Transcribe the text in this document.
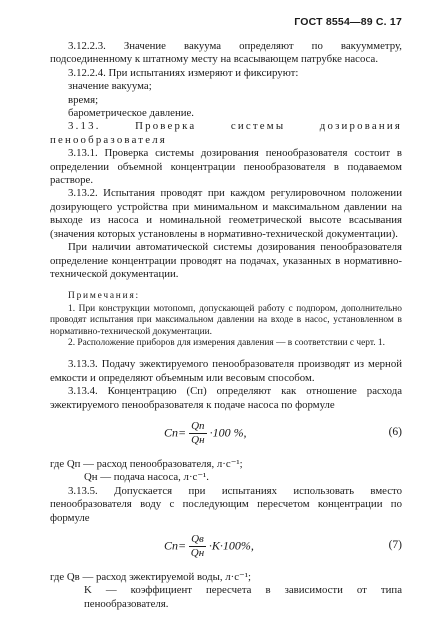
ГОСТ 8554—89 С. 17

3.12.2.3. Значение вакуума определяют по вакуумметру, подсоединенному к штатному месту на всасывающем патрубке насоса.

3.12.2.4. При испытаниях измеряют и фиксируют:

значение вакуума;

время;

барометрическое давление.

3.13. Проверка системы дозирования пенообразователя

3.13.1. Проверка системы дозирования пенообразователя состоит в определении объемной концентрации пенообразователя в подаваемом растворе.

3.13.2. Испытания проводят при каждом регулировочном положении дозирующего устройства при минимальном и максимальном давлении на выходе из насоса и номинальной геометрической высоте всасывания (значения которых установлены в нормативно-технической документации).

При наличии автоматической системы дозирования пенообразователя определение концентрации проводят на подачах, указанных в нормативно-технической документации.

Примечания:

1. При конструкции мотопомп, допускающей работу с подпором, дополнительно проводят испытания при максимальном давлении на входе в насос, установленном в нормативно-технической документации.

2. Расположение приборов для измерения давления — в соответствии с черт. 1.

3.13.3. Подачу эжектируемого пенообразователя производят из мерной емкости и определяют объемным или весовым способом.

3.13.4. Концентрацию (Сп) определяют как отношение расхода эжектируемого пенообразователя к подаче насоса по формуле

$Cп= \frac{Qп}{Qн} \cdot 100$ %,	(6)

где Qп — расход пенообразователя, л·с⁻¹;

Qн — подача насоса, л·с⁻¹.

3.13.5. Допускается при испытаниях использовать вместо пенообразователя воду с последующим пересчетом концентрации по формуле

$Cп= \frac{Qв}{Qн} \cdot K\cdot 100\%$,	(7)

где Qв — расход эжектируемой воды, л·с⁻¹;

K — коэффициент пересчета в зависимости от типа пенообразователя.
